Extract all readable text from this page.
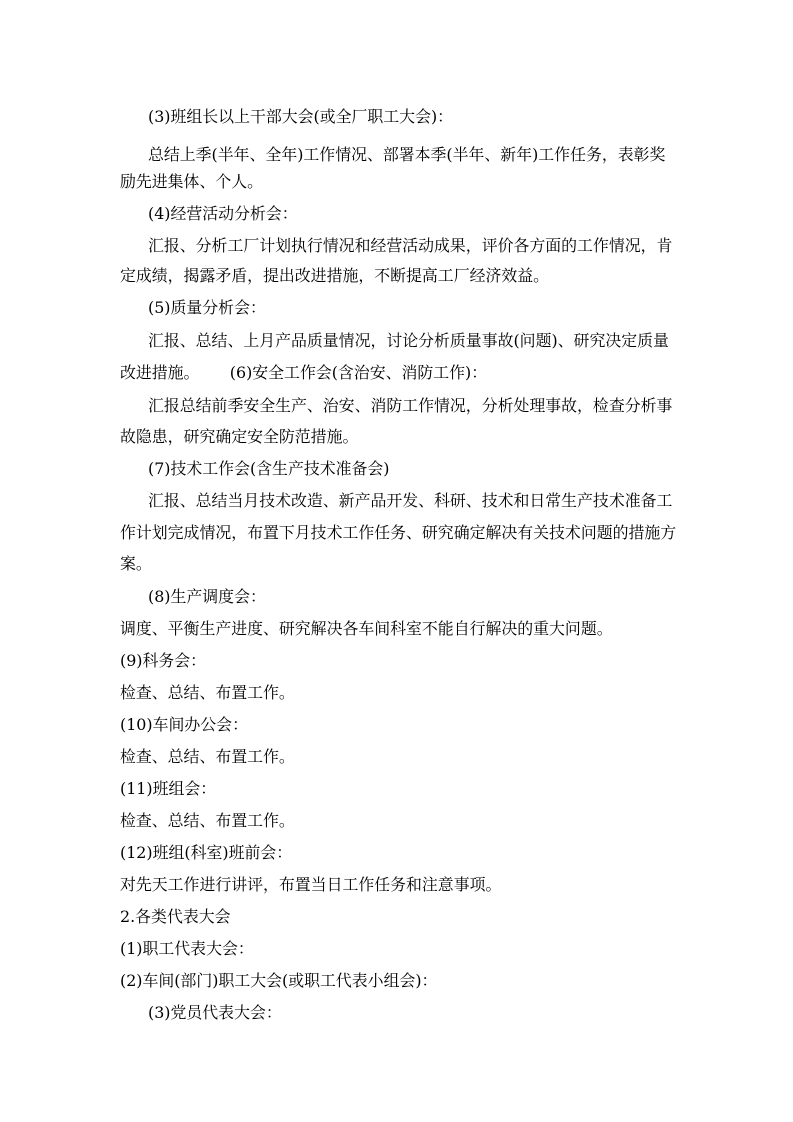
(3)班组长以上干部大会(或全厂职工大会)：
总结上季(半年、全年)工作情况、部署本季(半年、新年)工作任务，表彰奖
励先进集体、个人。
(4)经营活动分析会：
汇报、分析工厂计划执行情况和经营活动成果，评价各方面的工作情况，肯
定成绩，揭露矛盾，提出改进措施，不断提高工厂经济效益。
(5)质量分析会：
汇报、总结、上月产品质量情况，讨论分析质量事故(问题)、研究决定质量
改进措施。      (6)安全工作会(含治安、消防工作)：
汇报总结前季安全生产、治安、消防工作情况，分析处理事故，检查分析事
故隐患，研究确定安全防范措施。
(7)技术工作会(含生产技术准备会)
汇报、总结当月技术改造、新产品开发、科研、技术和日常生产技术准备工
作计划完成情况，布置下月技术工作任务、研究确定解决有关技术问题的措施方
案。
(8)生产调度会：
调度、平衡生产进度、研究解决各车间科室不能自行解决的重大问题。
(9)科务会：
检查、总结、布置工作。
(10)车间办公会：
检查、总结、布置工作。
(11)班组会：
检查、总结、布置工作。
(12)班组(科室)班前会：
对先天工作进行讲评，布置当日工作任务和注意事项。
2.各类代表大会
(1)职工代表大会：
(2)车间(部门)职工大会(或职工代表小组会)：
(3)党员代表大会：
